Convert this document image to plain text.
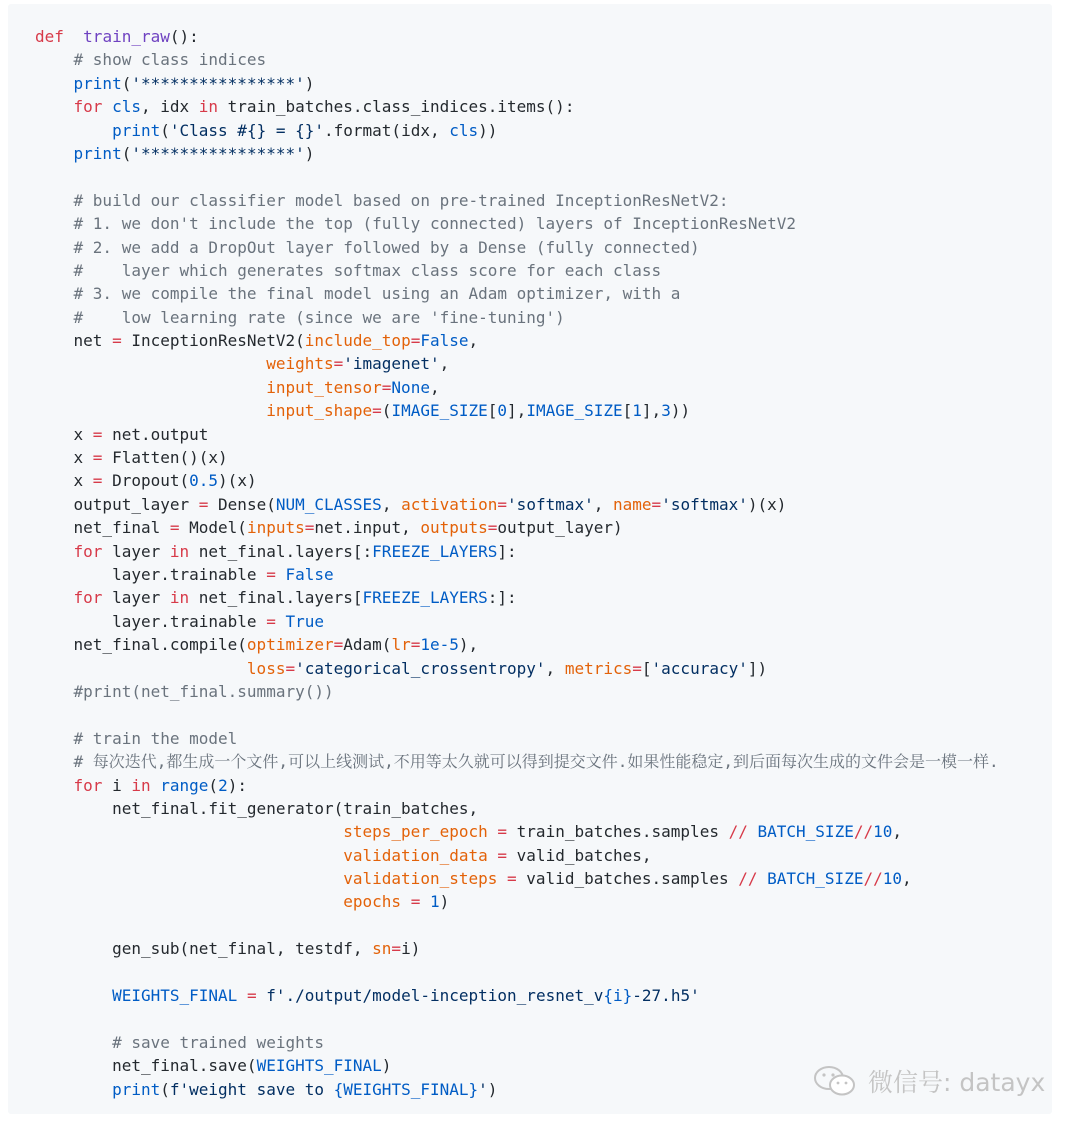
def train_raw():
# show class indices
print('****************')
for cls, idx in train_batches.class_indices.items():
print('Class #{} = {}'.format(idx, cls))
print('****************')
# build our classifier model based on pre-trained InceptionResNetV2:
# 1. we don't include the top (fully connected) layers of InceptionResNetV2
# 2. we add a DropOut layer followed by a Dense (fully connected)
#    layer which generates softmax class score for each class
# 3. we compile the final model using an Adam optimizer, with a
#    low learning rate (since we are 'fine-tuning')
net = InceptionResNetV2(include_top=False,
weights='imagenet',
input_tensor=None,
input_shape=(IMAGE_SIZE[0],IMAGE_SIZE[1],3))
x = net.output
x = Flatten()(x)
x = Dropout(0.5)(x)
output_layer = Dense(NUM_CLASSES, activation='softmax', name='softmax')(x)
net_final = Model(inputs=net.input, outputs=output_layer)
for layer in net_final.layers[:FREEZE_LAYERS]:
layer.trainable = False
for layer in net_final.layers[FREEZE_LAYERS:]:
layer.trainable = True
net_final.compile(optimizer=Adam(lr=1e-5),
loss='categorical_crossentropy', metrics=['accuracy'])
#print(net_final.summary())
# train the model
# 每次迭代,都生成一个文件,可以上线测试,不用等太久就可以得到提交文件.如果性能稳定,到后面每次生成的文件会是一模一样.
for i in range(2):
net_final.fit_generator(train_batches,
steps_per_epoch = train_batches.samples // BATCH_SIZE//10,
validation_data = valid_batches,
validation_steps = valid_batches.samples // BATCH_SIZE//10,
epochs = 1)
gen_sub(net_final, testdf, sn=i)
WEIGHTS_FINAL = f'./output/model-inception_resnet_v{i}-27.h5'
# save trained weights
net_final.save(WEIGHTS_FINAL)
print(f'weight save to {WEIGHTS_FINAL}')	微信号: datayx
